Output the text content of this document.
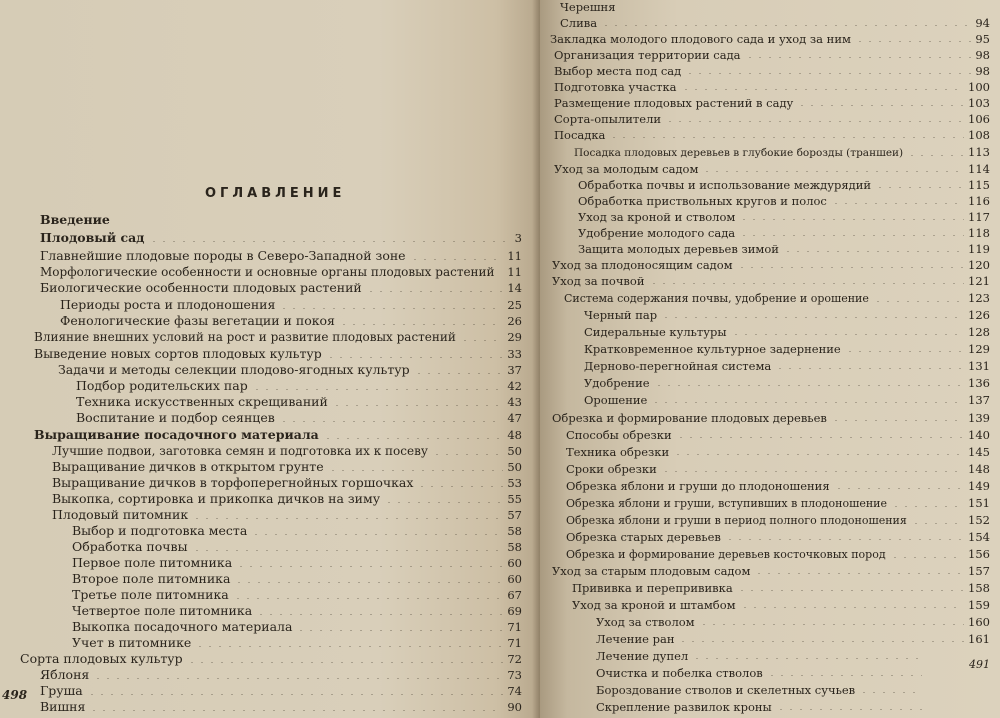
ОГЛАВЛЕНИЕ
Введение
Плодовый сад	3
Главнейшие плодовые породы в Северо-Западной зоне	11
Морфологические особенности и основные органы плодовых растений 11
Биологические особенности плодовых растений	14
Периоды роста и плодоношения	25
Фенологические фазы вегетации и покоя	26
Влияние внешних условий на рост и развитие плодовых растений	29
Выведение новых сортов плодовых культур	33
Задачи и методы селекции плодово-ягодных культур	37
Подбор родительских пар	42
Техника искусственных скрещиваний	43
Воспитание и подбор сеянцев	47
Выращивание посадочного материала	48
Лучшие подвои, заготовка семян и подготовка их к посеву	50
Выращивание дичков в открытом грунте	50
Выращивание дичков в торфоперегнойных горшочках	53
Выкопка, сортировка и прикопка дичков на зиму	55
Плодовый питомник	57
Выбор и подготовка места	58
Обработка почвы	58
Первое поле питомника	60
Второе поле питомника	60
Третье поле питомника	67
Четвертое поле питомника	69
Выкопка посадочного материала	71
Учет в питомнике	71
Сорта плодовых культур	72
Яблоня	73
Груша	74
Вишня	90
498
Черешня
Слива	94
Закладка молодого плодового сада и уход за ним	95
Организация территории сада	98
Выбор места под сад	98
Подготовка участка	100
Размещение плодовых растений в саду	103
Сорта-опылители	106
Посадка	108
Посадка плодовых деревьев в глубокие борозды (траншеи)	113
Уход за молодым садом	114
Обработка почвы и использование междурядий	115
Обработка приствольных кругов и полос	116
Уход за кроной и стволом	117
Удобрение молодого сада	118
Защита молодых деревьев зимой	119
Уход за плодоносящим садом	120
Уход за почвой	121
Система содержания почвы, удобрение и орошение	123
Черный пар	126
Сидеральные культуры	128
Кратковременное культурное задернение	129
Дерново-перегнойная система	131
Удобрение	136
Орошение	137
Обрезка и формирование плодовых деревьев	139
Способы обрезки	140
Техника обрезки	145
Сроки обрезки	148
Обрезка яблони и груши до плодоношения	149
Обрезка яблони и груши, вступивших в плодоношение	151
Обрезка яблони и груши в период полного плодоношения	152
Обрезка старых деревьев	154
Обрезка и формирование деревьев косточковых пород	156
Уход за старым плодовым садом	157
Прививка и перепрививка	158
Уход за кроной и штамбом	159
Уход за стволом	160
Лечение ран	161
Лечение дупел
Очистка и побелка стволов
Бороздование стволов и скелетных сучьев
Скрепление развилок кроны
491
